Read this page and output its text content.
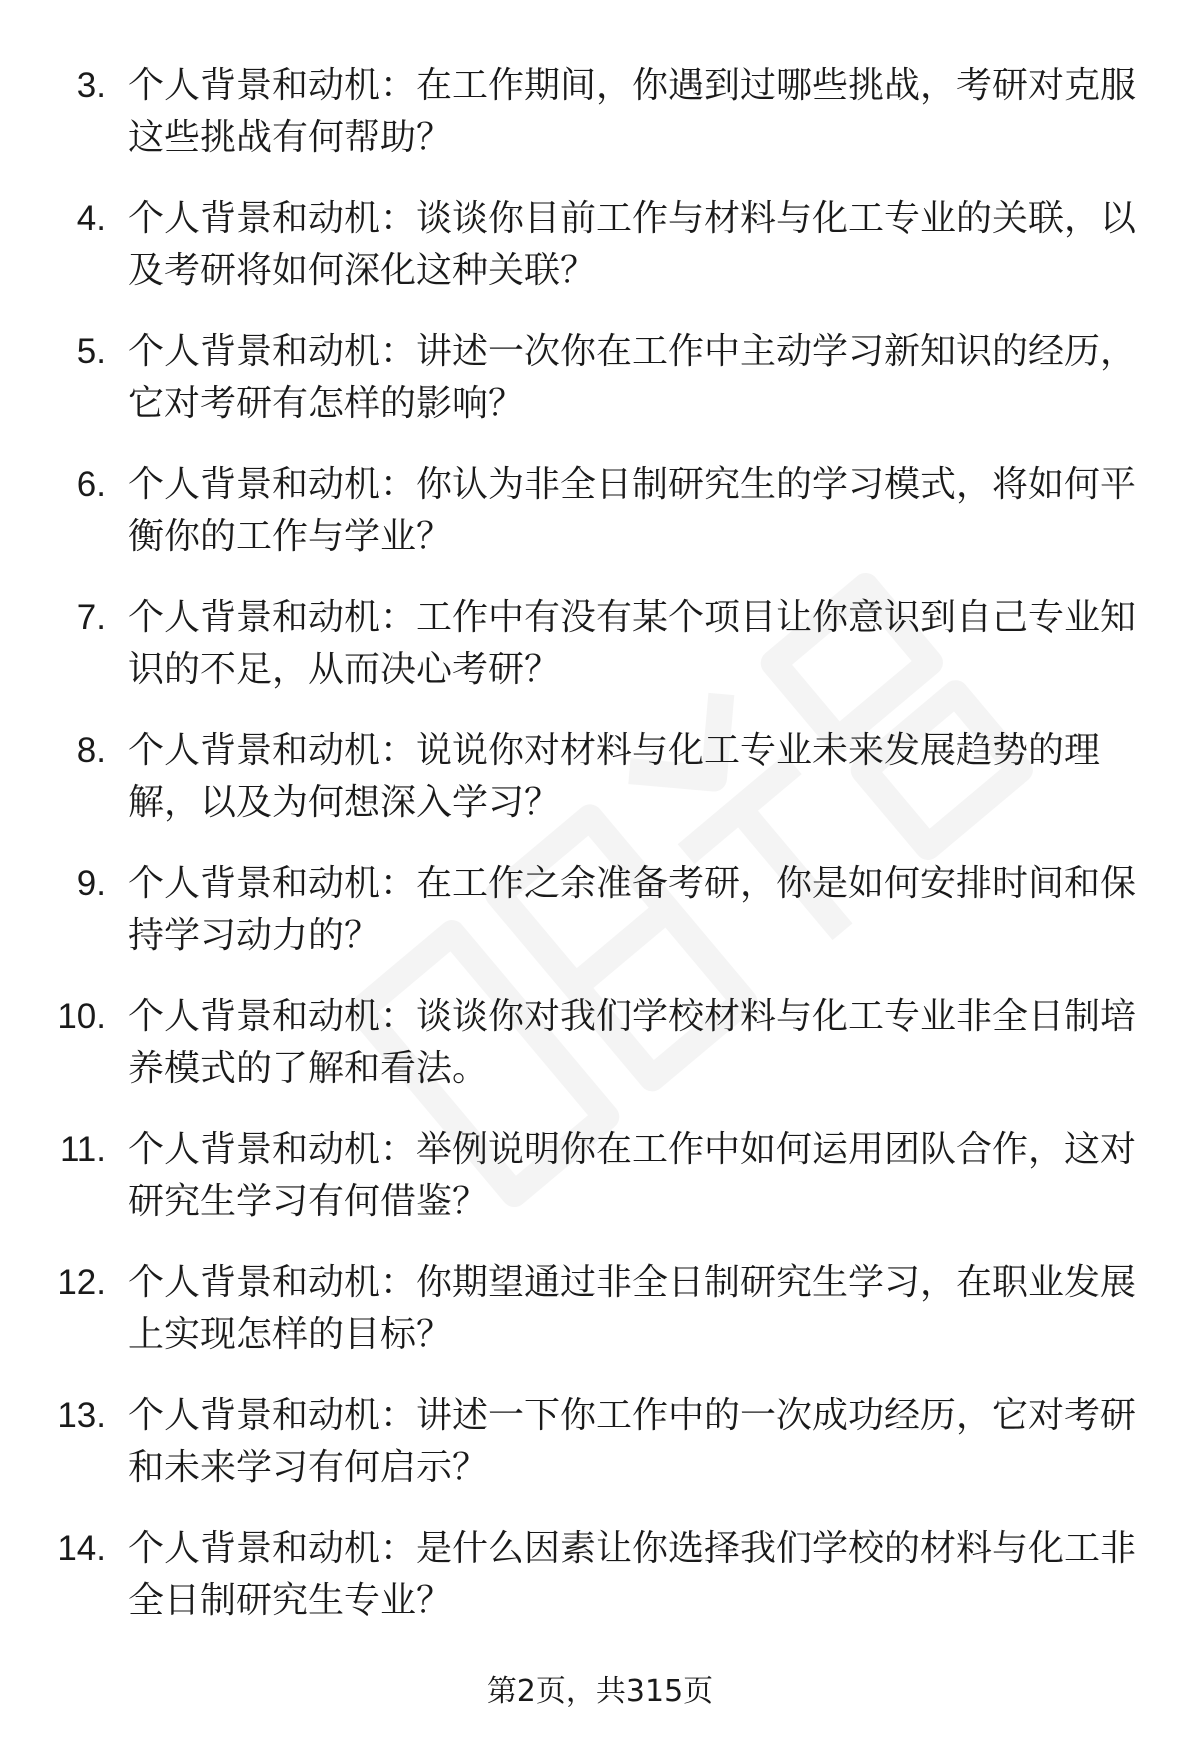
3. 个人背景和动机：在工作期间，你遇到过哪些挑战，考研对克服
这些挑战有何帮助？
4. 个人背景和动机：谈谈你目前工作与材料与化工专业的关联，以
及考研将如何深化这种关联？
5. 个人背景和动机：讲述一次你在工作中主动学习新知识的经历，
它对考研有怎样的影响？
6. 个人背景和动机：你认为非全日制研究生的学习模式，将如何平
衡你的工作与学业？
7. 个人背景和动机：工作中有没有某个项目让你意识到自己专业知
识的不足，从而决心考研？
8. 个人背景和动机：说说你对材料与化工专业未来发展趋势的理
解，以及为何想深入学习？
9. 个人背景和动机：在工作之余准备考研，你是如何安排时间和保
持学习动力的？
10. 个人背景和动机：谈谈你对我们学校材料与化工专业非全日制培
养模式的了解和看法。
11. 个人背景和动机：举例说明你在工作中如何运用团队合作，这对
研究生学习有何借鉴？
12. 个人背景和动机：你期望通过非全日制研究生学习，在职业发展
上实现怎样的目标？
13. 个人背景和动机：讲述一下你工作中的一次成功经历，它对考研
和未来学习有何启示？
14. 个人背景和动机：是什么因素让你选择我们学校的材料与化工非
全日制研究生专业？
第2页，共315页
